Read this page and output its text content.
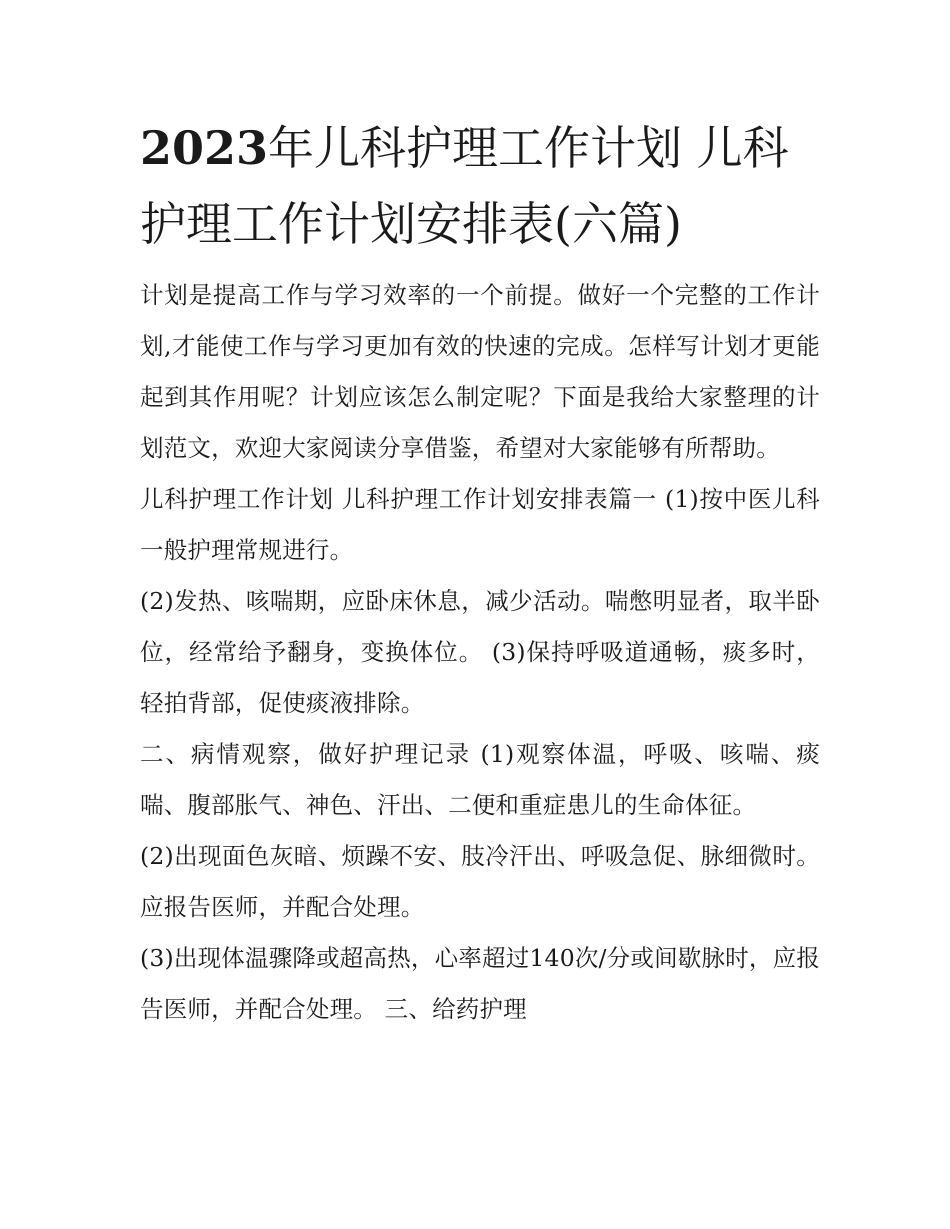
2023年儿科护理工作计划 儿科护理工作计划安排表(六篇)

计划是提高工作与学习效率的一个前提。做好一个完整的工作计划,才能使工作与学习更加有效的快速的完成。怎样写计划才更能起到其作用呢？计划应该怎么制定呢？下面是我给大家整理的计划范文，欢迎大家阅读分享借鉴，希望对大家能够有所帮助。

儿科护理工作计划 儿科护理工作计划安排表篇一 (1)按中医儿科一般护理常规进行。

(2)发热、咳喘期，应卧床休息，减少活动。喘憋明显者，取半卧位，经常给予翻身，变换体位。 (3)保持呼吸道通畅，痰多时，轻拍背部，促使痰液排除。

二、病情观察，做好护理记录 (1)观察体温，呼吸、咳喘、痰喘、腹部胀气、神色、汗出、二便和重症患儿的生命体征。

(2)出现面色灰暗、烦躁不安、肢冷汗出、呼吸急促、脉细微时。应报告医师，并配合处理。

(3)出现体温骤降或超高热，心率超过140次/分或间歇脉时，应报告医师，并配合处理。 三、给药护理
